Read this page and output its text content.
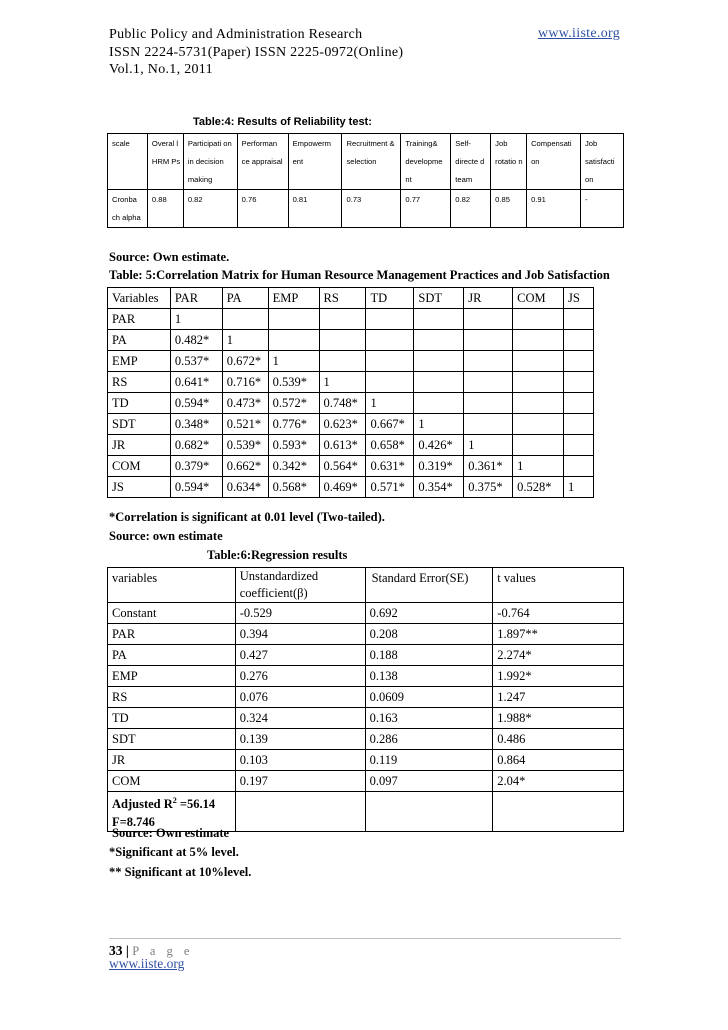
Public Policy and Administration Research
ISSN 2224-5731(Paper) ISSN 2225-0972(Online)
Vol.1, No.1, 2011
www.iiste.org
Table:4: Results of Reliability test:
scale	Overal l HRM Ps	Participati on in decision making	Performan ce appraisal	Empowerm ent	Recruitment & selection	Training& developme nt	Self-directe d team	Job rotatio n	Compensati on	Job satisfacti on
Cronba ch alpha	0.88	0.82	0.76	0.81	0.73	0.77	0.82	0.85	0.91	-
Source: Own estimate.
Table: 5:Correlation Matrix for Human Resource Management Practices and Job Satisfaction
Variables	PAR	PA	EMP	RS	TD	SDT	JR	COM	JS
PAR	1								
PA	0.482*	1							
EMP	0.537*	0.672*	1						
RS	0.641*	0.716*	0.539*	1					
TD	0.594*	0.473*	0.572*	0.748*	1				
SDT	0.348*	0.521*	0.776*	0.623*	0.667*	1			
JR	0.682*	0.539*	0.593*	0.613*	0.658*	0.426*	1		
COM	0.379*	0.662*	0.342*	0.564*	0.631*	0.319*	0.361*	1	
JS	0.594*	0.634*	0.568*	0.469*	0.571*	0.354*	0.375*	0.528*	1
*Correlation is significant at 0.01 level (Two-tailed).
Source: own estimate
Table:6:Regression results
variables	Unstandardized coefficient(β)	Standard Error(SE)	t values
Constant	-0.529	0.692	-0.764
PAR	0.394	0.208	1.897**
PA	0.427	0.188	2.274*
EMP	0.276	0.138	1.992*
RS	0.076	0.0609	1.247
TD	0.324	0.163	1.988*
SDT	0.139	0.286	0.486
JR	0.103	0.119	0.864
COM	0.197	0.097	2.04*

Adjusted $R^2 =56.14$
F=8.746			

Source: Own estimate
*Significant at 5% level.
** Significant at 10%level.
33 | P a g e
www.iiste.org
